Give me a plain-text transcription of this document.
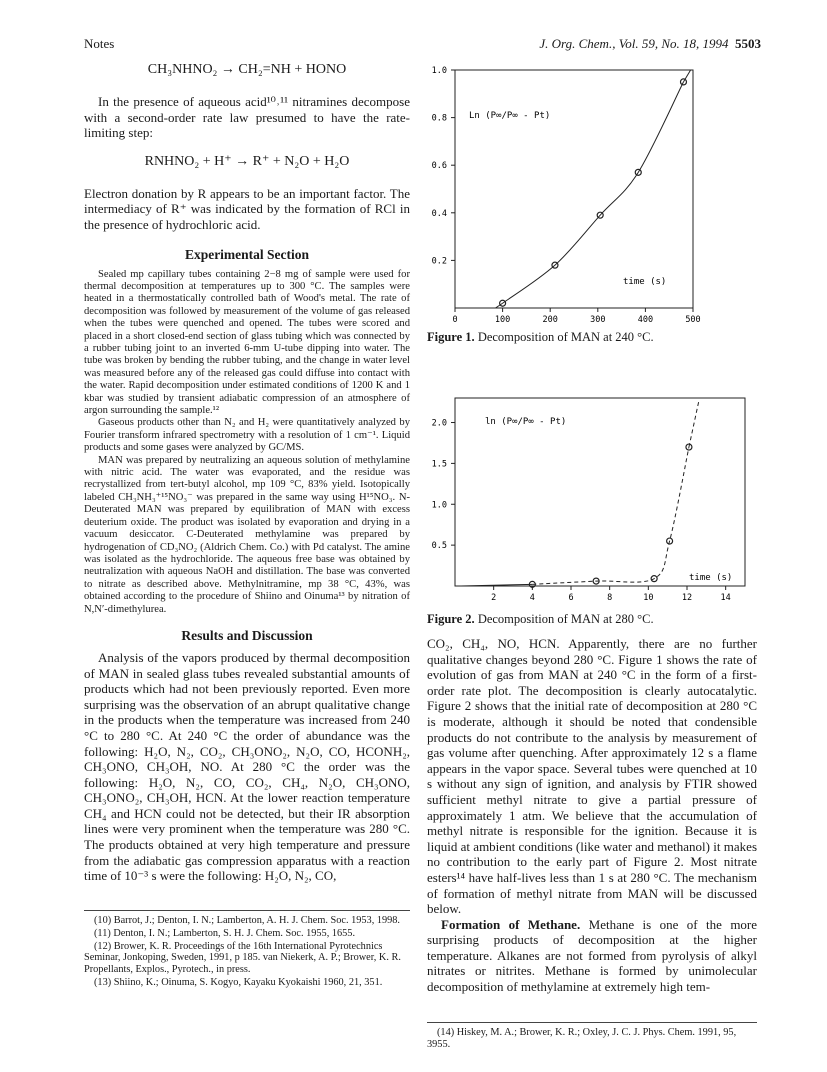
Notes	J. Org. Chem., Vol. 59, No. 18, 1994 5503
CH₃NHNO₂ → CH₂=NH + HONO

In the presence of aqueous acid¹⁰˒¹¹ nitramines decompose with a second-order rate law presumed to have the rate-limiting step:

RNHNO₂ + H⁺ → R⁺ + N₂O + H₂O

Electron donation by R appears to be an important factor. The intermediacy of R⁺ was indicated by the formation of RCl in the presence of hydrochloric acid.

Experimental Section

Sealed mp capillary tubes containing 2−8 mg of sample were used for thermal decomposition at temperatures up to 300 °C. The samples were heated in a thermostatically controlled bath of Wood's metal. The rate of decomposition was followed by measurement of the volume of gas released when the tubes were quenched and opened. The tubes were scored and placed in a short closed-end section of glass tubing which was connected by a rubber tubing joint to an inverted 6-mm U-tube dipping into water. The tube was broken by bending the rubber tubing, and the change in water level was measured before any of the released gas could diffuse into contact with the water. Rapid decomposition under estimated conditions of 1200 K and 1 kbar was studied by transient adiabatic compression of an atmosphere of argon surrounding the sample.¹²

Gaseous products other than N₂ and H₂ were quantitatively analyzed by Fourier transform infrared spectrometry with a resolution of 1 cm⁻¹. Liquid products and some gases were analyzed by GC/MS.

MAN was prepared by neutralizing an aqueous solution of methylamine with nitric acid. The water was evaporated, and the residue was recrystallized from tert-butyl alcohol, mp 109 °C, 83% yield. Isotopically labeled CH₃NH₃⁺¹⁵NO₃⁻ was prepared in the same way using H¹⁵NO₃. N-Deuterated MAN was prepared by equilibration of MAN with excess deuterium oxide. The product was isolated by evaporation and drying in a vacuum desiccator. C-Deuterated methylamine was prepared by hydrogenation of CD₃NO₂ (Aldrich Chem. Co.) with Pd catalyst. The amine was isolated as the hydrochloride. The aqueous free base was obtained by neutralization with aqueous NaOH and distillation. The base was converted to nitrate as described above. Methylnitramine, mp 38 °C, 43%, was obtained according to the procedure of Shiino and Oinuma¹³ by nitration of N,N′-dimethylurea.

Results and Discussion

Analysis of the vapors produced by thermal decomposition of MAN in sealed glass tubes revealed substantial amounts of products which had not been previously reported. Even more surprising was the observation of an abrupt qualitative change in the products when the temperature was increased from 240 °C to 280 °C. At 240 °C the order of abundance was the following: H₂O, N₂, CO₂, CH₃ONO₂, N₂O, CO, HCONH₂, CH₃ONO, CH₃OH, NO. At 280 °C the order was the following: H₂O, N₂, CO, CO₂, CH₄, N₂O, CH₃ONO, CH₃ONO₂, CH₃OH, HCN. At the lower reaction temperature CH₄ and HCN could not be detected, but their IR absorption lines were very prominent when the temperature was 280 °C. The products obtained at very high temperature and pressure from the adiabatic gas compression apparatus with a reaction time of 10⁻³ s were the following: H₂O, N₂, CO,

(10) Barrot, J.; Denton, I. N.; Lamberton, A. H. J. Chem. Soc. 1953, 1998.

(11) Denton, I. N.; Lamberton, S. H. J. Chem. Soc. 1955, 1655.

(12) Brower, K. R. Proceedings of the 16th International Pyrotechnics Seminar, Jonkoping, Sweden, 1991, p 185. van Niekerk, A. P.; Brower, K. R. Propellants, Explos., Pyrotech., in press.

(13) Shiino, K.; Oinuma, S. Kogyo, Kayaku Kyokaishi 1960, 21, 351.

0	100	200	300	400	500
0.2
0.4
0.6
0.8
1.0
Ln (P∞/P∞ - Pt)
time (s)
Figure 1. Decomposition of MAN at 240 °C.
2	4	6	8	10	12	14
0.5
1.0
1.5
2.0	ln (P∞/P∞ - Pt)
time (s)
Figure 2. Decomposition of MAN at 280 °C.

CO₂, CH₄, NO, HCN. Apparently, there are no further qualitative changes beyond 280 °C. Figure 1 shows the rate of evolution of gas from MAN at 240 °C in the form of a first-order rate plot. The decomposition is clearly autocatalytic. Figure 2 shows that the initial rate of decomposition at 280 °C is moderate, although it should be noted that condensible products do not contribute to the analysis by measurement of gas volume after quenching. After approximately 12 s a flame appears in the vapor space. Several tubes were quenched at 10 s without any sign of ignition, and analysis by FTIR showed sufficient methyl nitrate to give a partial pressure of approximately 1 atm. We believe that the accumulation of methyl nitrate is responsible for the ignition. Because it is liquid at ambient conditions (like water and methanol) it makes no contribution to the early part of Figure 2. Most nitrate esters¹⁴ have half-lives less than 1 s at 280 °C. The mechanism of formation of methyl nitrate from MAN will be discussed below.

Formation of Methane. Methane is one of the more surprising products of decomposition at the higher temperature. Alkanes are not formed from pyrolysis of alkyl nitrates or nitrites. Methane is formed by unimolecular decomposition of methylamine at extremely high tem-

(14) Hiskey, M. A.; Brower, K. R.; Oxley, J. C. J. Phys. Chem. 1991, 95, 3955.
